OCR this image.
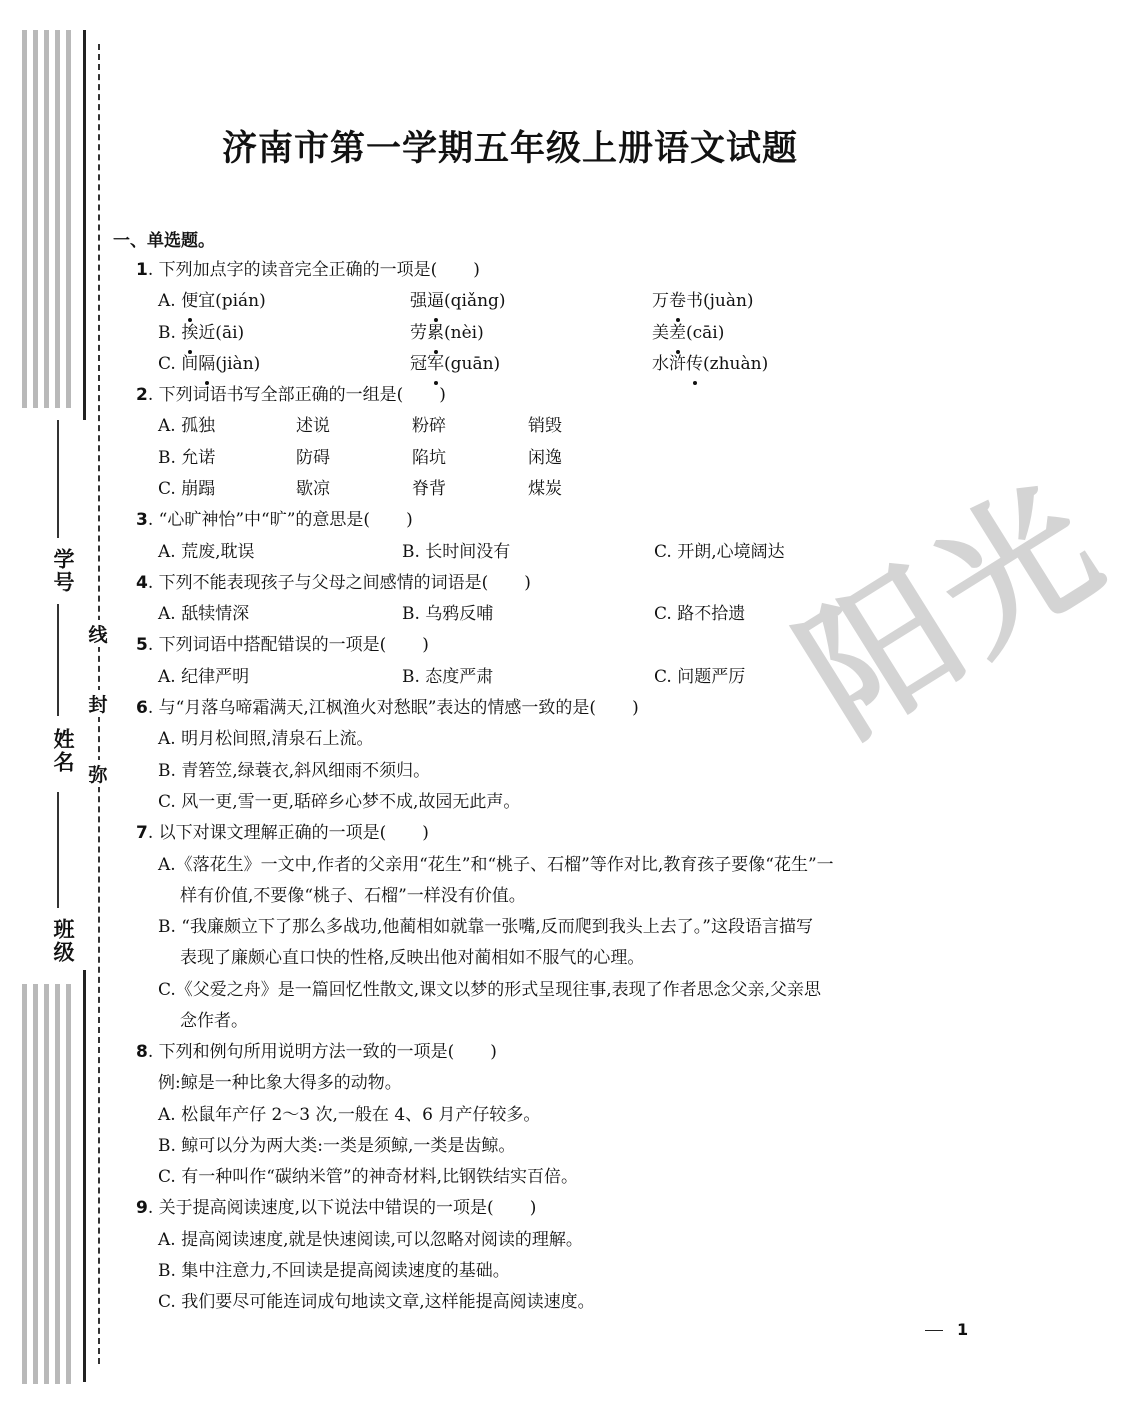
学号
姓名
班级
线
封
弥
阳光
济南市第一学期五年级上册语文试题
一、单选题。
1. 下列加点字的读音完全正确的一项是( )
A. 便宜(pián)	强逼(qiǎng)	万卷书(juàn)
B. 挨近(āi)	劳累(nèi)	美差(cāi)
C. 间隔(jiàn)	冠军(guān)	水浒传(zhuàn)
2. 下列词语书写全部正确的一组是( )
A. 孤独	述说	粉碎	销毁
B. 允诺	防碍	陷坑	闲逸
C. 崩蹋	歇凉	脊背	煤炭
3. “心旷神怡”中“旷”的意思是( )
A. 荒废,耽误	B. 长时间没有	C. 开朗,心境阔达
4. 下列不能表现孩子与父母之间感情的词语是( )
A. 舐犊情深	B. 乌鸦反哺	C. 路不拾遗
5. 下列词语中搭配错误的一项是( )
A. 纪律严明	B. 态度严肃	C. 问题严厉
6. 与“月落乌啼霜满天,江枫渔火对愁眠”表达的情感一致的是( )
A. 明月松间照,清泉石上流。
B. 青箬笠,绿蓑衣,斜风细雨不须归。
C. 风一更,雪一更,聒碎乡心梦不成,故园无此声。
7. 以下对课文理解正确的一项是( )
A.《落花生》一文中,作者的父亲用“花生”和“桃子、石榴”等作对比,教育孩子要像“花生”一
样有价值,不要像“桃子、石榴”一样没有价值。
B. “我廉颇立下了那么多战功,他蔺相如就靠一张嘴,反而爬到我头上去了。”这段语言描写
表现了廉颇心直口快的性格,反映出他对蔺相如不服气的心理。
C.《父爱之舟》是一篇回忆性散文,课文以梦的形式呈现往事,表现了作者思念父亲,父亲思
念作者。
8. 下列和例句所用说明方法一致的一项是( )
例:鲸是一种比象大得多的动物。
A. 松鼠年产仔 2～3 次,一般在 4、6 月产仔较多。
B. 鲸可以分为两大类:一类是须鲸,一类是齿鲸。
C. 有一种叫作“碳纳米管”的神奇材料,比钢铁结实百倍。
9. 关于提高阅读速度,以下说法中错误的一项是( )
A. 提高阅读速度,就是快速阅读,可以忽略对阅读的理解。
B. 集中注意力,不回读是提高阅读速度的基础。
C. 我们要尽可能连词成句地读文章,这样能提高阅读速度。
1
